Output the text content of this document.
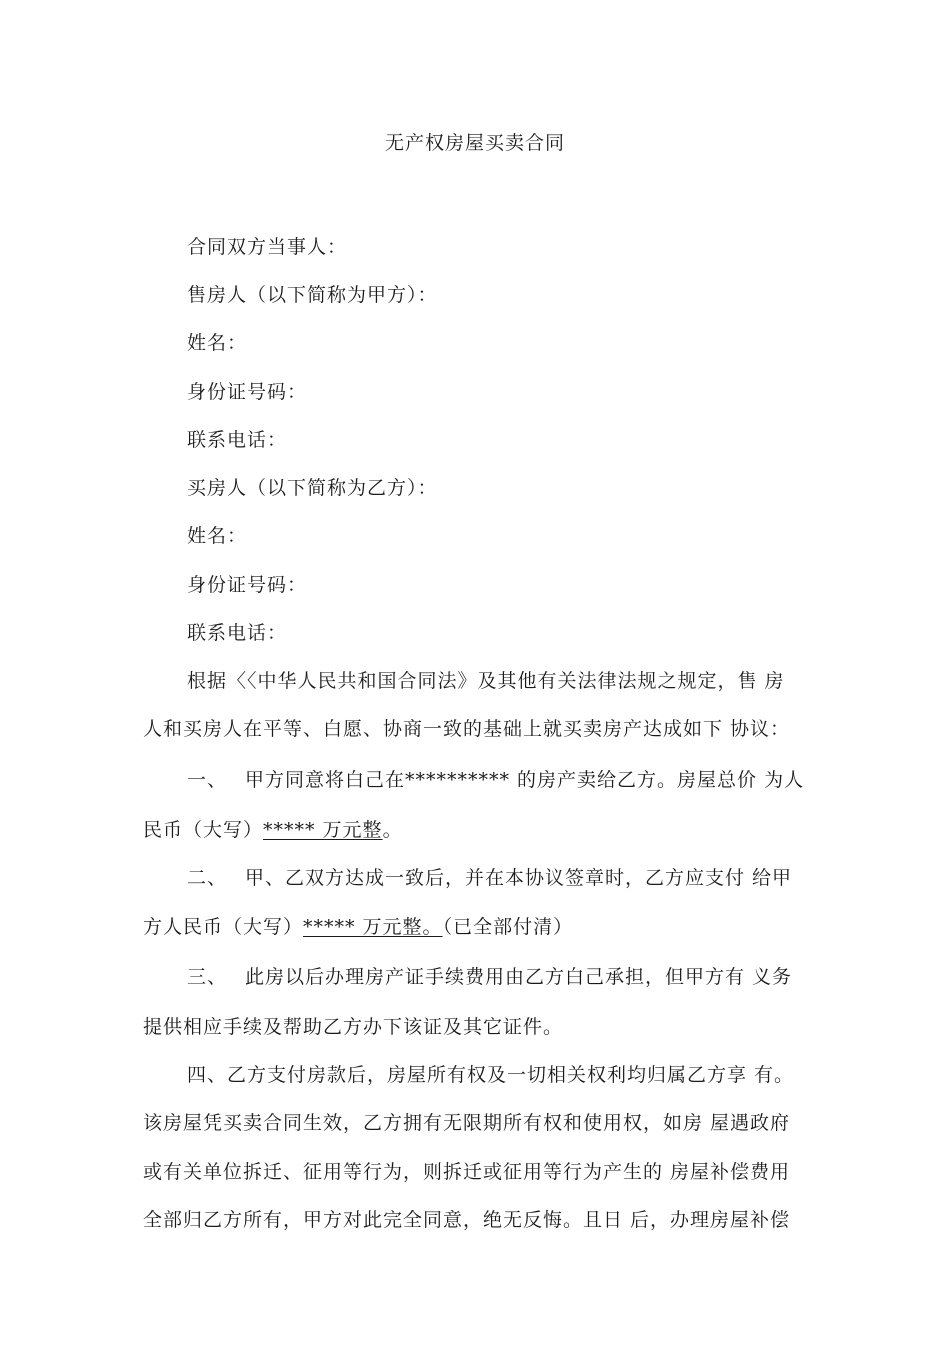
无产权房屋买卖合同
合同双方当事人：
售房人（以下简称为甲方）：
姓名：
身份证号码：
联系电话：
买房人（以下简称为乙方）：
姓名：
身份证号码：
联系电话：
根据〈〈中华人民共和国合同法》及其他有关法律法规之规定，售 房
人和买房人在平等、白愿、协商一致的基础上就买卖房产达成如下 协议：
一、 甲方同意将白己在********** 的房产卖给乙方。房屋总价 为人
民币（大写）***** 万元整。
二、 甲、乙双方达成一致后，并在本协议签章时，乙方应支付 给甲
方人民币（大写）***** 万元整。（已全部付清）
三、 此房以后办理房产证手续费用由乙方白己承担，但甲方有 义务
提供相应手续及帮助乙方办下该证及其它证件。
四、乙方支付房款后，房屋所有权及一切相关权利均归属乙方享 有。
该房屋凭买卖合同生效，乙方拥有无限期所有权和使用权，如房 屋遇政府
或有关单位拆迁、征用等行为，则拆迁或征用等行为产生的 房屋补偿费用
全部归乙方所有，甲方对此完全同意，绝无反悔。且日 后，办理房屋补偿
